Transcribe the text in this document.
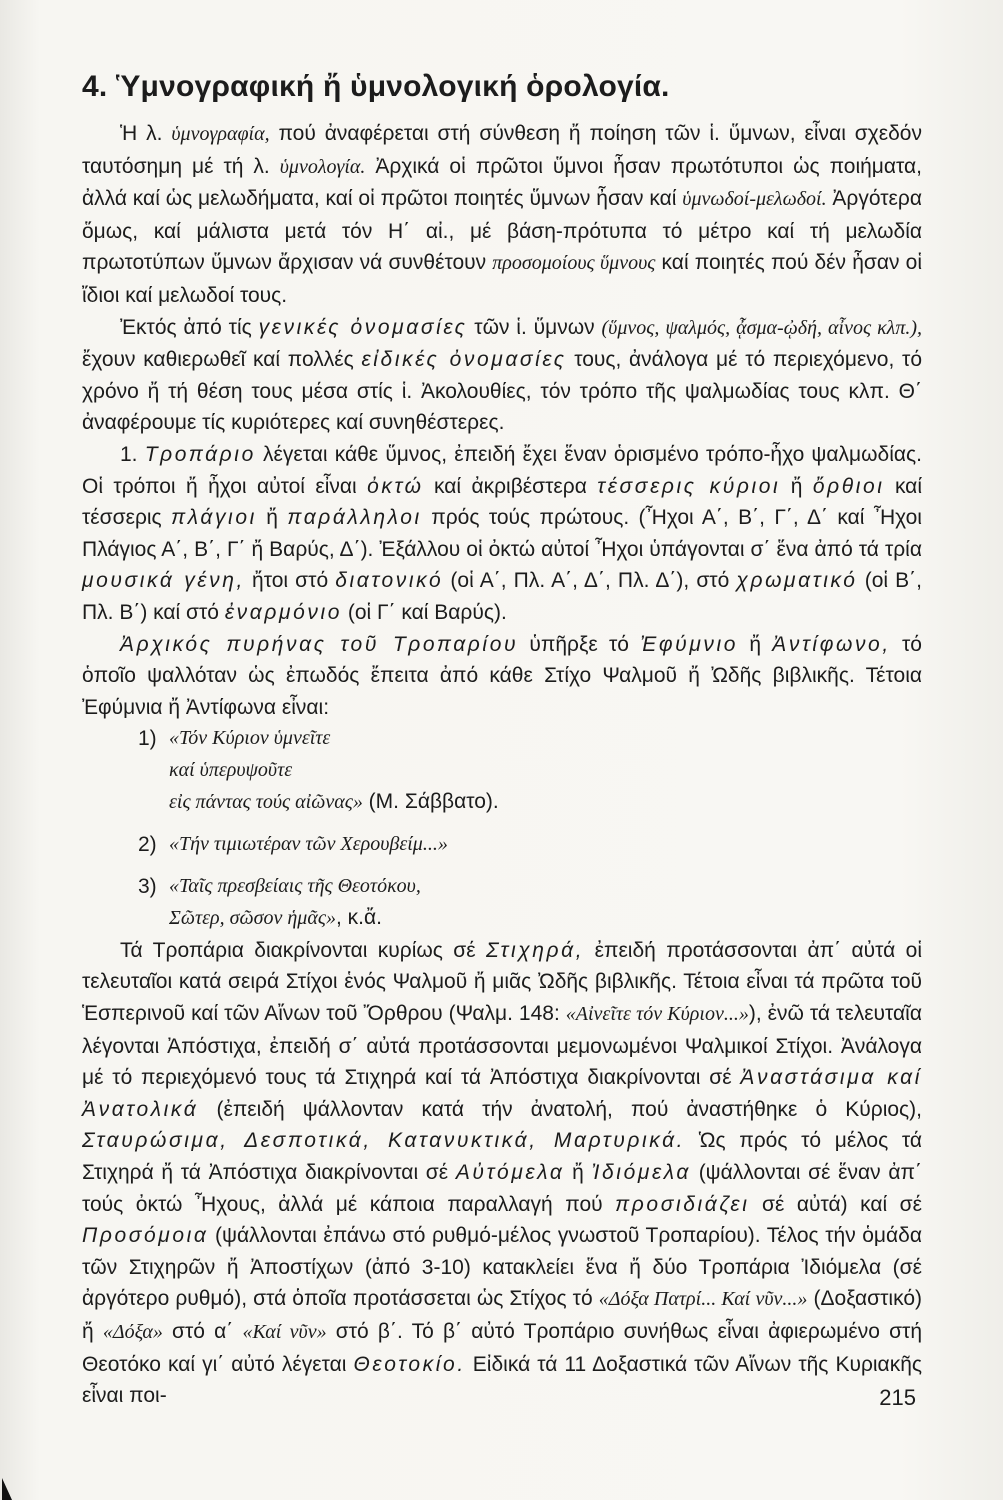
4. Ὑμνογραφική ἤ ὑμνολογική ὁρολογία.

Ἡ λ. ὑμνογραφία, πού ἀναφέρεται στή σύνθεση ἤ ποίηση τῶν ἱ. ὕμνων, εἶναι σχεδόν ταυτόσημη μέ τή λ. ὑμνολογία. Ἀρχικά οἱ πρῶτοι ὕμνοι ἦσαν πρωτότυποι ὡς ποιήματα, ἀλλά καί ὡς μελωδήματα, καί οἱ πρῶτοι ποιητές ὕμνων ἦσαν καί ὑμνωδοί-μελωδοί. Ἀργότερα ὅμως, καί μάλιστα μετά τόν Η΄ αἰ., μέ βάση-πρότυπα τό μέτρο καί τή μελωδία πρωτοτύπων ὕμνων ἄρχισαν νά συνθέτουν προσομοίους ὕμνους καί ποιητές πού δέν ἦσαν οἱ ἴδιοι καί μελωδοί τους.

Ἐκτός ἀπό τίς γενικές ὀνομασίες τῶν ἱ. ὕμνων (ὕμνος, ψαλμός, ᾆσμα-ᾠδή, αἶνος κλπ.), ἔχουν καθιερωθεῖ καί πολλές εἰδικές ὀνομασίες τους, ἀνάλογα μέ τό περιεχόμενο, τό χρόνο ἤ τή θέση τους μέσα στίς ἱ. Ἀκολουθίες, τόν τρόπο τῆς ψαλμωδίας τους κλπ. Θ΄ ἀναφέρουμε τίς κυριότερες καί συνηθέστερες.

1. Τροπάριο λέγεται κάθε ὕμνος, ἐπειδή ἔχει ἕναν ὁρισμένο τρόπο-ἦχο ψαλμωδίας. Οἱ τρόποι ἤ ἦχοι αὐτοί εἶναι ὀκτώ καί ἀκριβέστερα τέσσερις κύριοι ἤ ὄρθιοι καί τέσσερις πλάγιοι ἤ παράλληλοι πρός τούς πρώτους. (Ἦχοι Α΄, Β΄, Γ΄, Δ΄ καί Ἦχοι Πλάγιος Α΄, Β΄, Γ΄ ἤ Βαρύς, Δ΄). Ἐξάλλου οἱ ὀκτώ αὐτοί Ἦχοι ὑπάγονται σ΄ ἕνα ἀπό τά τρία μουσικά γένη, ἤτοι στό διατονικό (οἱ Α΄, Πλ. Α΄, Δ΄, Πλ. Δ΄), στό χρωματικό (οἱ Β΄, Πλ. Β΄) καί στό ἐναρμόνιο (οἱ Γ΄ καί Βαρύς).

Ἀρχικός πυρήνας τοῦ Τροπαρίου ὑπῆρξε τό Ἐφύμνιο ἤ Ἀντίφωνο, τό ὁποῖο ψαλλόταν ὡς ἐπωδός ἔπειτα ἀπό κάθε Στίχο Ψαλμοῦ ἤ Ὠδῆς βιβλικῆς. Τέτοια Ἐφύμνια ἤ Ἀντίφωνα εἶναι:

1) «Τόν Κύριον ὑμνεῖτε
καί ὑπερυψοῦτε
εἰς πάντας τούς αἰῶνας» (Μ. Σάββατο).
2) «Τήν τιμιωτέραν τῶν Χερουβείμ...»
3) «Ταῖς πρεσβείαις τῆς Θεοτόκου,
Σῶτερ, σῶσον ἡμᾶς», κ.ἄ.

Τά Τροπάρια διακρίνονται κυρίως σέ Στιχηρά, ἐπειδή προτάσσονται ἀπ΄ αὐτά οἱ τελευταῖοι κατά σειρά Στίχοι ἑνός Ψαλμοῦ ἤ μιᾶς Ὠδῆς βιβλικῆς. Τέτοια εἶναι τά πρῶτα τοῦ Ἑσπερινοῦ καί τῶν Αἴνων τοῦ Ὄρθρου (Ψαλμ. 148: «Αἰνεῖτε τόν Κύριον...»), ἐνῶ τά τελευταῖα λέγονται Ἀπόστιχα, ἐπειδή σ΄ αὐτά προτάσσονται μεμονωμένοι Ψαλμικοί Στίχοι. Ἀνάλογα μέ τό περιεχόμενό τους τά Στιχηρά καί τά Ἀπόστιχα διακρίνονται σέ Ἀναστάσιμα καί Ἀνατολικά (ἐπειδή ψάλλονταν κατά τήν ἀνατολή, πού ἀναστήθηκε ὁ Κύριος), Σταυρώσιμα, Δεσποτικά, Κατανυκτικά, Μαρτυρικά. Ὡς πρός τό μέλος τά Στιχηρά ἤ τά Ἀπόστιχα διακρίνονται σέ Αὐτόμελα ἤ Ἰδιόμελα (ψάλλονται σέ ἕναν ἀπ΄ τούς ὀκτώ Ἦχους, ἀλλά μέ κάποια παραλλαγή πού προσιδιάζει σέ αὐτά) καί σέ Προσόμοια (ψάλλονται ἐπάνω στό ρυθμό-μέλος γνωστοῦ Τροπαρίου). Τέλος τήν ὁμάδα τῶν Στιχηρῶν ἤ Ἀποστίχων (ἀπό 3-10) κατακλείει ἕνα ἤ δύο Τροπάρια Ἰδιόμελα (σέ ἀργότερο ρυθμό), στά ὁποῖα προτάσσεται ὡς Στίχος τό «Δόξα Πατρί... Καί νῦν...» (Δοξαστικό) ἤ «Δόξα» στό α΄ «Καί νῦν» στό β΄. Τό β΄ αὐτό Τροπάριο συνήθως εἶναι ἀφιερωμένο στή Θεοτόκο καί γι΄ αὐτό λέγεται Θεοτοκίο. Εἰδικά τά 11 Δοξαστικά τῶν Αἴνων τῆς Κυριακῆς εἶναι ποι-	215
